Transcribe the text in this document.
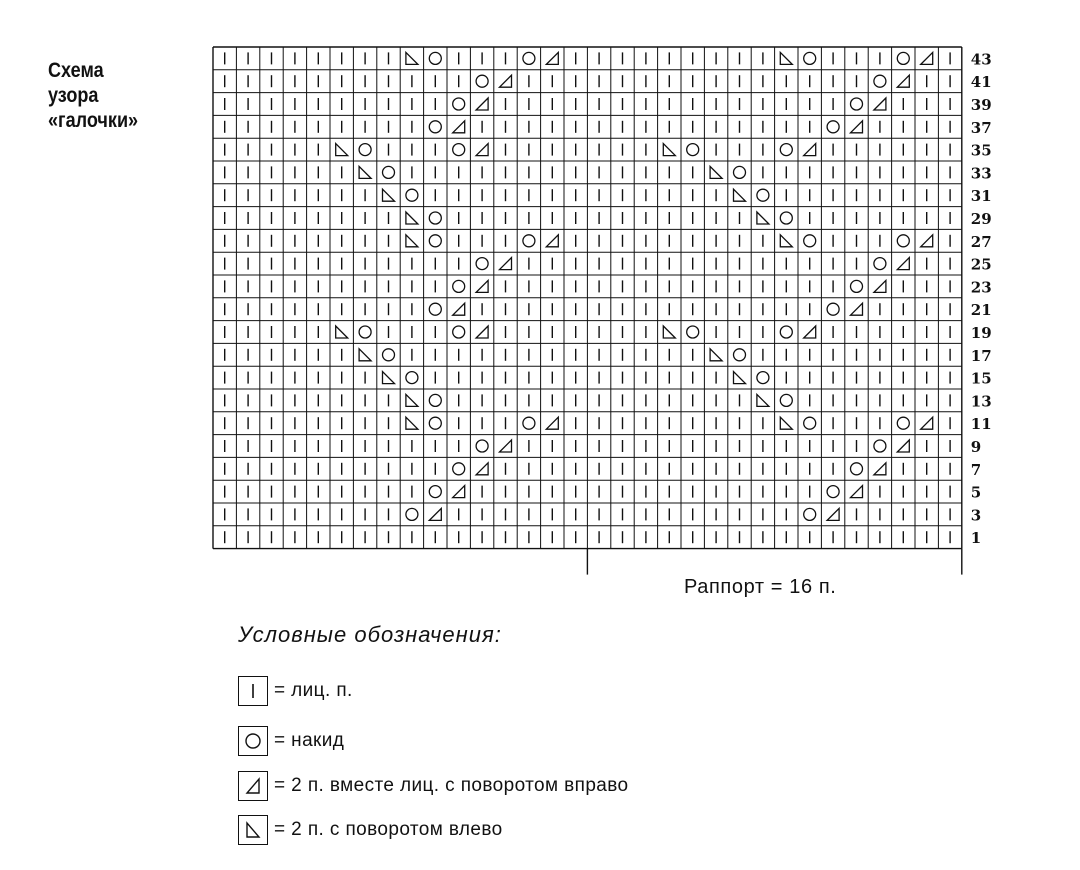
Схема
узора
«галочки»
43
41
39
37
35
33
31
29
27
25
23
21
19
17
15
13
11
9
7
5
3
1
Раппорт = 16 п.
Условные обозначения:
= лиц. п.
= накид
= 2 п. вместе лиц. с поворотом вправо
= 2 п. с поворотом влево
